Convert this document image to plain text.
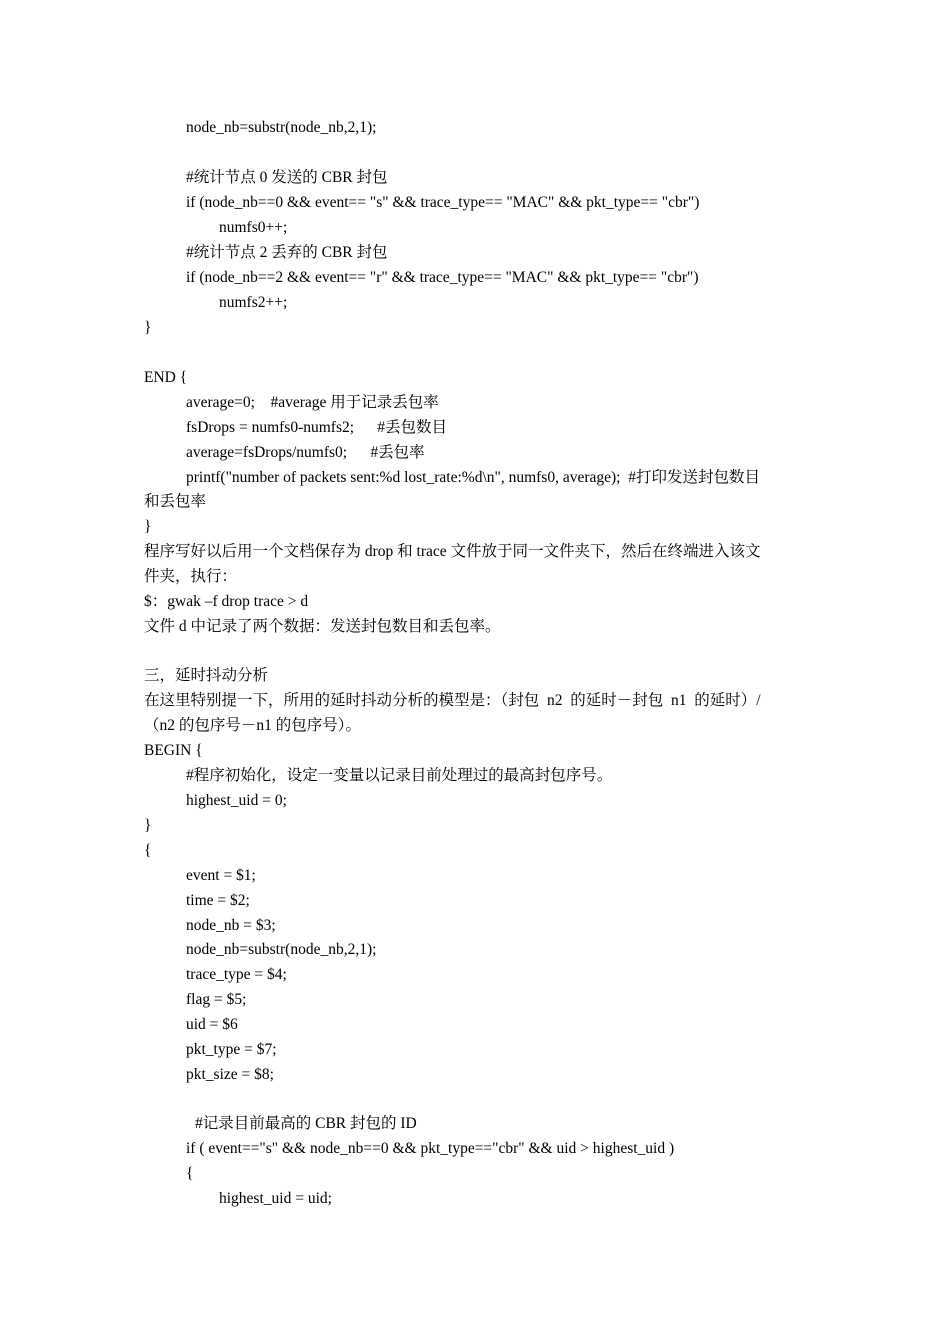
node_nb=substr(node_nb,2,1);
#统计节点 0 发送的 CBR 封包
if (node_nb==0 && event== "s" && trace_type== "MAC" && pkt_type== "cbr")
numfs0++;
#统计节点 2 丢弃的 CBR 封包
if (node_nb==2 && event== "r" && trace_type== "MAC" && pkt_type== "cbr")
numfs2++;
}
END {
average=0;    #average 用于记录丢包率
fsDrops = numfs0-numfs2;      #丢包数目
average=fsDrops/numfs0;      #丢包率
printf("number of packets sent:%d lost_rate:%d\n", numfs0, average);  #打印发送封包数目
和丢包率
}
程序写好以后用一个文档保存为 drop 和 trace 文件放于同一文件夹下，然后在终端进入该文
件夹，执行：
$：gwak –f drop trace > d
文件 d 中记录了两个数据：发送封包数目和丢包率。
三，延时抖动分析
在这里特别提一下，所用的延时抖动分析的模型是：（封包  n2  的延时－封包  n1  的延时）/
（n2 的包序号－n1 的包序号）。
BEGIN {
#程序初始化，设定一变量以记录目前处理过的最高封包序号。
highest_uid = 0;
}
{
event = $1;
time = $2;
node_nb = $3;
node_nb=substr(node_nb,2,1);
trace_type = $4;
flag = $5;
uid = $6
pkt_type = $7;
pkt_size = $8;
#记录目前最高的 CBR 封包的 ID
if ( event=="s" && node_nb==0 && pkt_type=="cbr" && uid > highest_uid )
{
highest_uid = uid;
